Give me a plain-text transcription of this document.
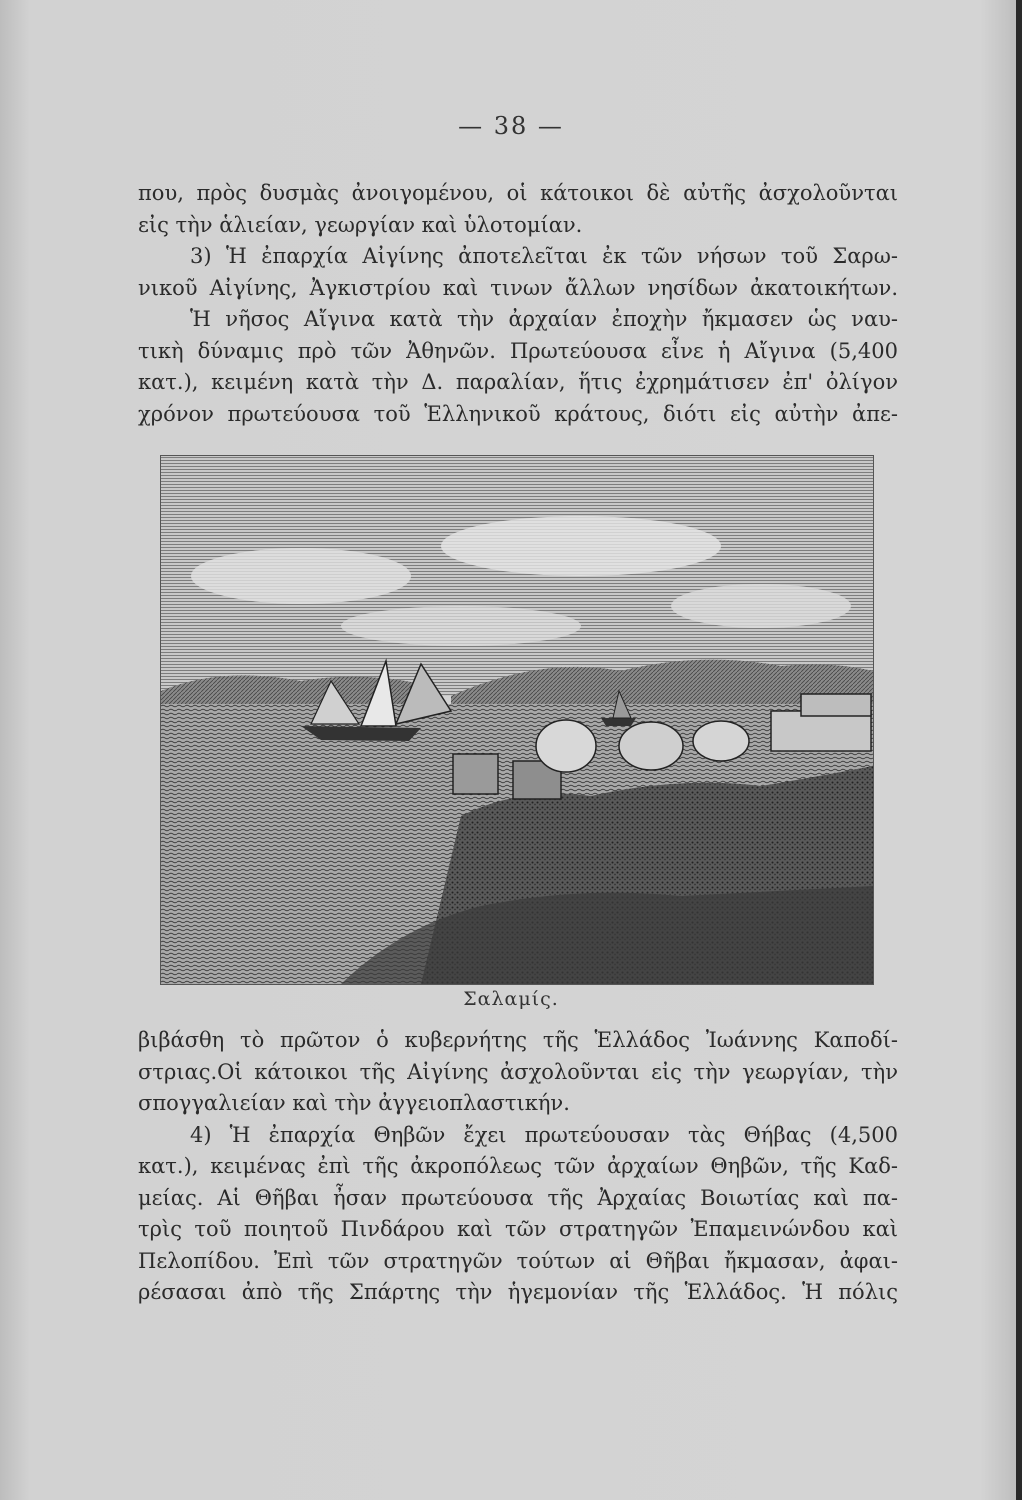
— 38 —
που, πρὸς δυσμὰς ἀνοιγομένου, οἱ κάτοικοι δὲ αὐτῆς ἀσχολοῦνται
εἰς τὴν ἁλιείαν, γεωργίαν καὶ ὑλοτομίαν.
3) Ἡ ἐπαρχία Αἰγίνης ἀποτελεῖται ἐκ τῶν νήσων τοῦ Σαρω-
νικοῦ Αἰγίνης, Ἀγκιστρίου καὶ τινων ἄλλων νησίδων ἀκατοικήτων.
Ἡ νῆσος Αἴγινα κατὰ τὴν ἀρχαίαν ἐποχὴν ἤκμασεν ὡς ναυ-
τικὴ δύναμις πρὸ τῶν Ἀθηνῶν. Πρωτεύουσα εἶνε ἡ Αἴγινα (5,400
κατ.), κειμένη κατὰ τὴν Δ. παραλίαν, ἥτις ἐχρημάτισεν ἐπ' ὀλίγον
χρόνον πρωτεύουσα τοῦ Ἑλληνικοῦ κράτους, διότι εἰς αὐτὴν ἀπε-
Σαλαμίς.
βιβάσθη τὸ πρῶτον ὁ κυβερνήτης τῆς Ἑλλάδος Ἰωάννης Καποδί-
στριας.Οἱ κάτοικοι τῆς Αἰγίνης ἀσχολοῦνται εἰς τὴν γεωργίαν, τὴν
σπογγαλιείαν καὶ τὴν ἀγγειοπλαστικήν.
4) Ἡ ἐπαρχία Θηβῶν ἔχει πρωτεύουσαν τὰς Θήβας (4,500
κατ.), κειμένας ἐπὶ τῆς ἀκροπόλεως τῶν ἀρχαίων Θηβῶν, τῆς Καδ-
μείας. Αἱ Θῆβαι ἦσαν πρωτεύουσα τῆς Ἀρχαίας Βοιωτίας καὶ πα-
τρὶς τοῦ ποιητοῦ Πινδάρου καὶ τῶν στρατηγῶν Ἐπαμεινώνδου καὶ
Πελοπίδου. Ἐπὶ τῶν στρατηγῶν τούτων αἱ Θῆβαι ἤκμασαν, ἀφαι-
ρέσασαι ἀπὸ τῆς Σπάρτης τὴν ἡγεμονίαν τῆς Ἑλλάδος. Ἡ πόλις
